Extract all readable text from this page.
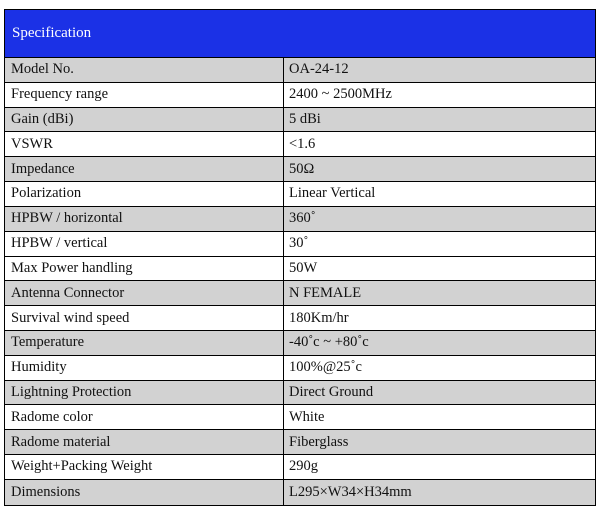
Specification
Model No.	OA-24-12
Frequency range	2400 ~ 2500MHz
Gain (dBi)	5 dBi
VSWR	<1.6
Impedance	50Ω
Polarization	Linear Vertical
HPBW / horizontal	360˚
HPBW / vertical	30˚
Max Power handling	50W
Antenna Connector	N FEMALE
Survival wind speed	180Km/hr
Temperature	-40˚c ~ +80˚c
Humidity	100%@25˚c
Lightning Protection	Direct Ground
Radome color	White
Radome material	Fiberglass
Weight+Packing Weight	290g
Dimensions	L295×W34×H34mm
